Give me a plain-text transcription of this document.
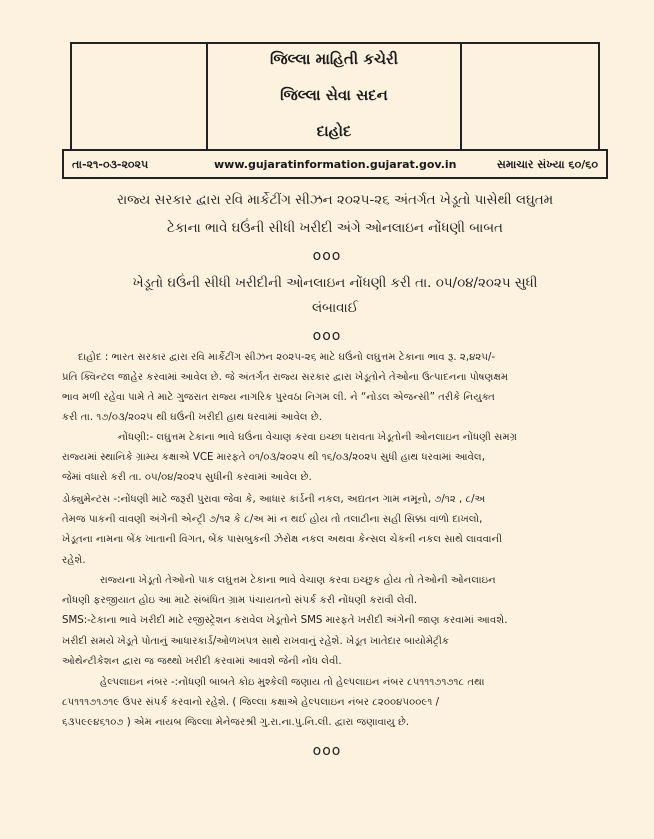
જિલ્લા માહિતી કચેરી
જિલ્લા સેવા સદન
દાહોદ
તા-૨૧-૦૩-૨૦૨૫	www.gujaratinformation.gujarat.gov.in	સમાચાર સંખ્યા ૬૦/૬૦
રાજ્ય સરકાર દ્વારા રવિ માર્કેટીંગ સીઝન ૨૦૨૫-૨૬ અંતર્ગત ખેડૂતો પાસેથી લઘુતમ
ટેકાના ભાવે ઘઉંની સીધી ખરીદી અંગે ઓનલાઇન નોંધણી બાબત
ooo
ખેડૂતો ઘઉંની સીધી ખરીદીની ઓનલાઇન નોંધણી કરી તા. ૦૫/૦૪/૨૦૨૫ સુધી
લંબાવાઈ
ooo
દાહોદ : ભારત સરકાર દ્વારા રવિ માર્કેટીંગ સીઝન ૨૦૨૫-૨૬ માટે ઘઉંનો લઘુત્તમ ટેકાના ભાવ રૂ. ૨,૪૨૫/-
પ્રતિ ક્વિન્ટલ જાહેર કરવામાં આવેલ છે. જે અંતર્ગત રાજ્ય સરકાર દ્વારા ખેડૂતોને તેઓના ઉત્પાદનના પોષણક્ષમ
ભાવ મળી રહેવા પામે તે માટે ગુજરાત રાજ્ય નાગરિક પુરવઠા નિગમ લી. ને “નોડલ એજન્સી” તરીકે નિયુક્ત
કરી તા. ૧૭/૦૩/૨૦૨૫ થી ઘઉંની ખરીદી હાથ ધરવામાં આવેલ છે.
નોંધણી:- લઘુત્તમ ટેકાના ભાવે ઘઉંના વેચાણ કરવા ઇચ્છા ધરાવતા ખેડૂતોની ઓનલાઇન નોંધણી સમગ્ર
રાજ્યમાં સ્થાનિકે ગ્રામ્ય કક્ષાએ VCE મારફતે ૦૧/૦૩/૨૦૨૫ થી ૧૬/૦૩/૨૦૨૫ સુધી હાથ ધરવામાં આવેલ,
જેમાં વધારો કરી તા. ૦૫/૦૪/૨૦૨૫ સુધીની કરવામાં આવેલ છે.
ડોક્યુમેન્ટસ -:નોંધણી માટે જરૂરી પુરાવા જેવા કે, આધાર કાર્ડની નકલ, અદ્યતન ગામ નમૂનો, ૭/૧૨ , ૮/અ
તેમજ પાકની વાવણી અંગેની એન્ટ્રી ૭/૧૨ કે ૮/અ માં ન થઈ હોય તો તલાટીના સહી સિક્કા વાળો દાખલો,
ખેડૂતના નામના બેંક ખાતાની વિગત, બેંક પાસબુકની ઝેરોક્ષ નકલ અથવા કેન્સલ ચેકની નકલ સાથે લાવવાની
રહેશે.
રાજ્યના ખેડૂતો તેઓનો પાક લઘુત્તમ ટેકાના ભાવે વેચાણ કરવા ઇચ્છુક હોય તો તેઓની ઓનલાઇન
નોંધણી ફરજીયાત હોઇ આ માટે સંબંધિત ગ્રામ પંચાયતનો સંપર્ક કરી નોંધણી કરાવી લેવી.
SMS:-ટેકાના ભાવે ખરીદી માટે રજીસ્ટ્રેશન કરાવેલ ખેડૂતોને SMS મારફતે ખરીદી અંગેની જાણ કરવામાં આવશે.
ખરીદી સમયે ખેડૂતે પોતાનું આધારકાર્ડ/ઓળખપત્ર સાથે રાખવાનું રહેશે. ખેડૂત ખાતેદાર બાયોમેટ્રીક
ઓથેન્ટીકેશન દ્વારા જ જથ્થો ખરીદી કરવામાં આવશે જેની નોંધ લેવી.
હેલ્પલાઇન નંબર -:નોંધણી બાબતે કોઇ મુશ્કેલી જણાય તો હેલ્પલાઇન નંબર ૮૫૧૧૧૭૧૭૧૮ તથા
૮૫૧૧૧૭૧૭૧૯ ઉપર સંપર્ક કરવાનો રહેશે. ( જિલ્લા કક્ષાએ હેલ્પલાઇન નંબર ૮૨૦૦૪૫૦૦૯૧ /
૬૩૫૯૯૪૬૧૦૭ ) એમ નાયબ જિલ્લા મેનેજરશ્રી ગુ.રા.ના.પુ.નિ.લી. દ્વારા જણાવાયુ છે.
ooo
